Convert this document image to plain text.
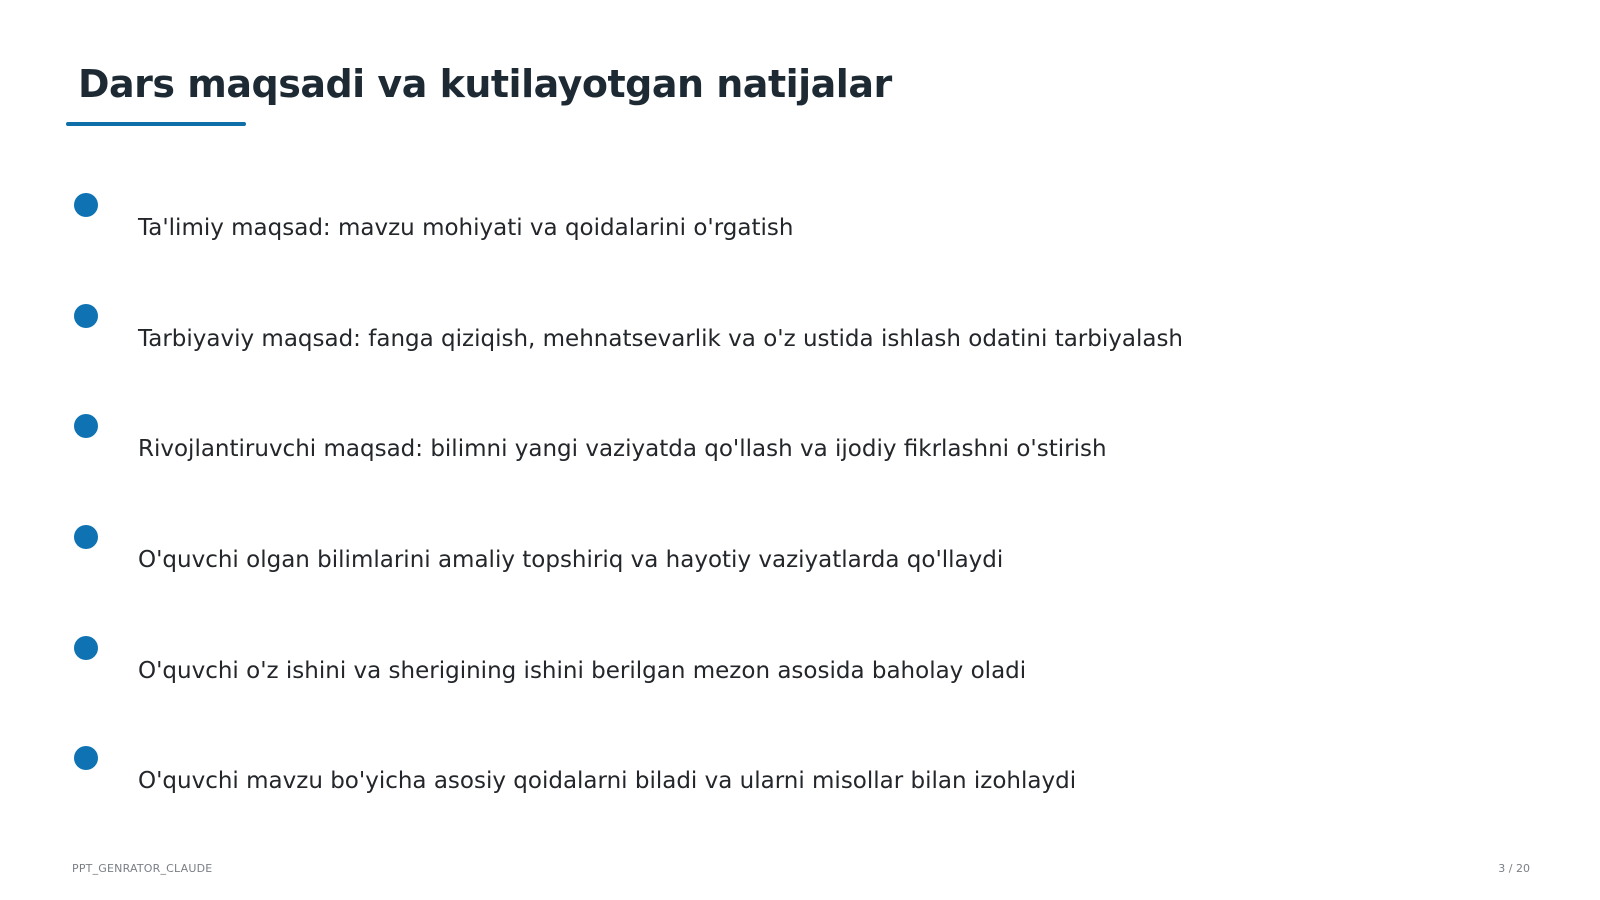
Dars maqsadi va kutilayotgan natijalar
Ta'limiy maqsad: mavzu mohiyati va qoidalarini o'rgatish
Tarbiyaviy maqsad: fanga qiziqish, mehnatsevarlik va o'z ustida ishlash odatini tarbiyalash
Rivojlantiruvchi maqsad: bilimni yangi vaziyatda qo'llash va ijodiy fikrlashni o'stirish
O'quvchi olgan bilimlarini amaliy topshiriq va hayotiy vaziyatlarda qo'llaydi
O'quvchi o'z ishini va sherigining ishini berilgan mezon asosida baholay oladi
O'quvchi mavzu bo'yicha asosiy qoidalarni biladi va ularni misollar bilan izohlaydi
PPT_GENRATOR_CLAUDE	3 / 20
